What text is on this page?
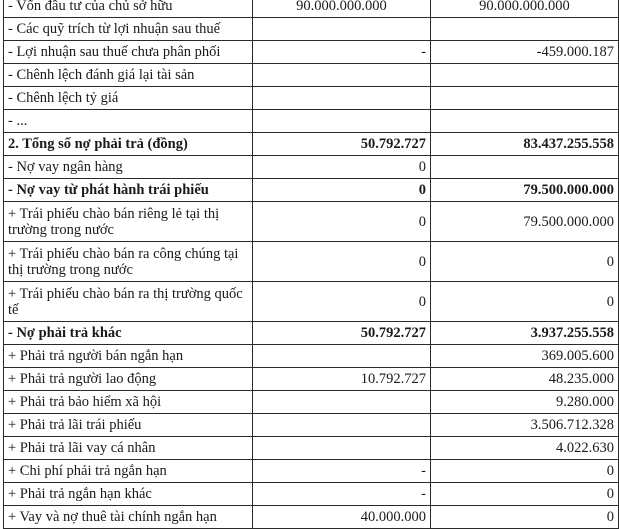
- Vốn đầu tư của chủ sở hữu	90.000.000.000	90.000.000.000
- Các quỹ trích từ lợi nhuận sau thuế		
- Lợi nhuận sau thuế chưa phân phối	-	-459.000.187
- Chênh lệch đánh giá lại tài sản		
- Chênh lệch tỷ giá		
- ...		
2. Tổng số nợ phải trả (đồng)	50.792.727	83.437.255.558
- Nợ vay ngân hàng	0	
- Nợ vay từ phát hành trái phiếu	0	79.500.000.000
+ Trái phiếu chào bán riêng lẻ tại thị trường trong nước	0	79.500.000.000
+ Trái phiếu chào bán ra công chúng tại thị trường trong nước	0	0
+ Trái phiếu chào bán ra thị trường quốc tế	0	0
- Nợ phải trả khác	50.792.727	3.937.255.558
+ Phải trả người bán ngắn hạn		369.005.600
+ Phải trả người lao động	10.792.727	48.235.000
+ Phải trả bảo hiểm xã hội		9.280.000
+ Phải trả lãi trái phiếu		3.506.712.328
+ Phải trả lãi vay cá nhân		4.022.630
+ Chi phí phải trả ngắn hạn	-	0
+ Phải trả ngắn hạn khác	-	0
+ Vay và nợ thuê tài chính ngắn hạn	40.000.000	0
